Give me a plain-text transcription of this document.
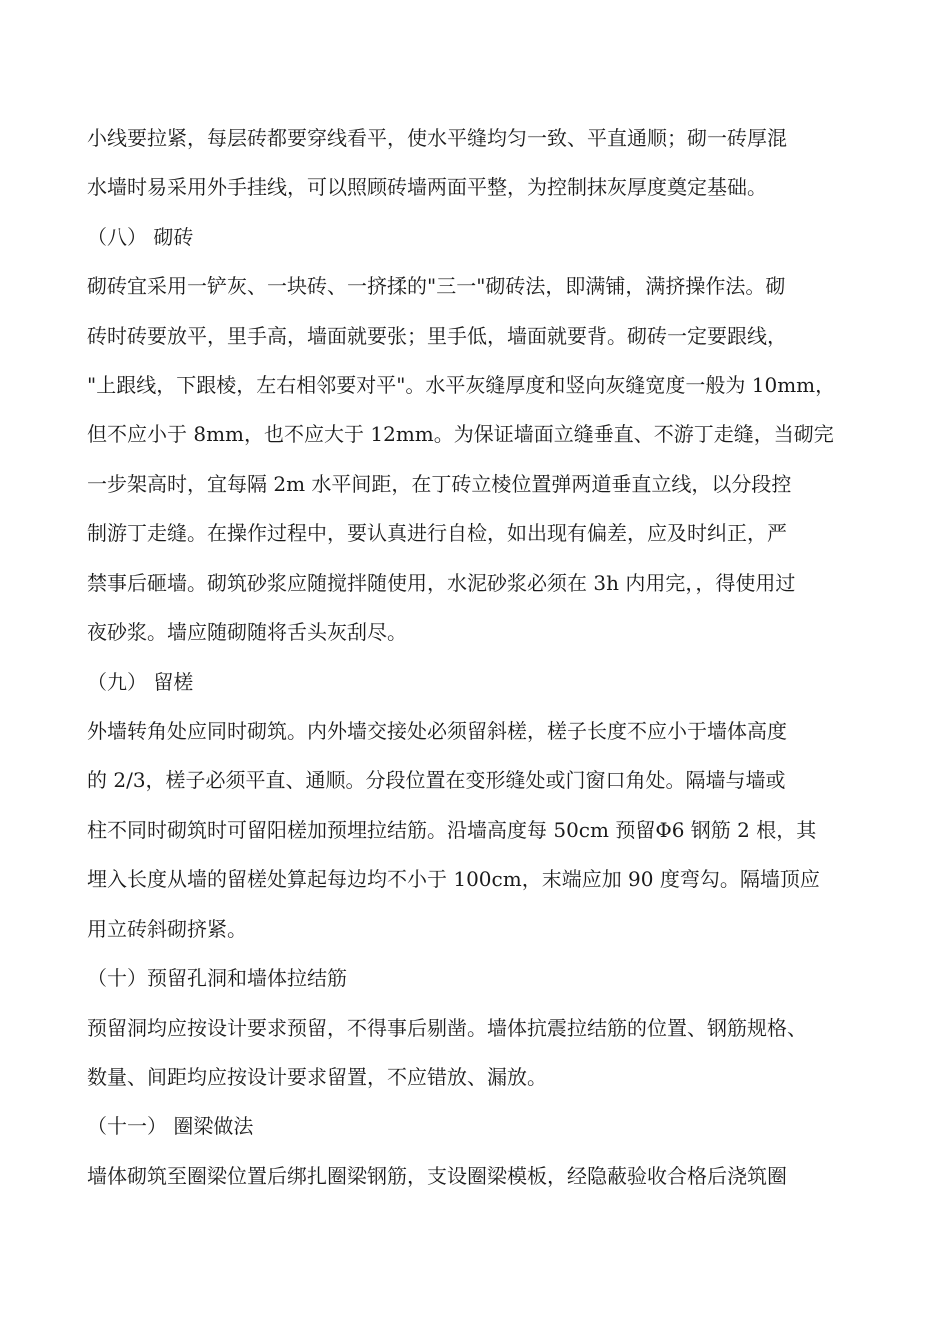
小线要拉紧，每层砖都要穿线看平，使水平缝均匀一致、平直通顺；砌一砖厚混
水墙时易采用外手挂线，可以照顾砖墙两面平整，为控制抹灰厚度奠定基础。
（八） 砌砖
砌砖宜采用一铲灰、一块砖、一挤揉的"三一"砌砖法，即满铺，满挤操作法。砌
砖时砖要放平，里手高，墙面就要张；里手低，墙面就要背。砌砖一定要跟线，
"上跟线，下跟棱，左右相邻要对平"。水平灰缝厚度和竖向灰缝宽度一般为 10mm，
但不应小于 8mm，也不应大于 12mm。为保证墙面立缝垂直、不游丁走缝，当砌完
一步架高时，宜每隔 2m 水平间距，在丁砖立棱位置弹两道垂直立线，以分段控
制游丁走缝。在操作过程中，要认真进行自检，如出现有偏差，应及时纠正，严
禁事后砸墙。砌筑砂浆应随搅拌随使用，水泥砂浆必须在 3h 内用完，，得使用过
夜砂浆。墙应随砌随将舌头灰刮尽。
（九） 留槎
外墙转角处应同时砌筑。内外墙交接处必须留斜槎，槎子长度不应小于墙体高度
的 2/3，槎子必须平直、通顺。分段位置在变形缝处或门窗口角处。隔墙与墙或
柱不同时砌筑时可留阳槎加预埋拉结筋。沿墙高度每 50cm 预留Φ6 钢筋 2 根，其
埋入长度从墙的留槎处算起每边均不小于 100cm，末端应加 90 度弯勾。隔墙顶应
用立砖斜砌挤紧。
（十）预留孔洞和墙体拉结筋
预留洞均应按设计要求预留，不得事后剔凿。墙体抗震拉结筋的位置、钢筋规格、
数量、间距均应按设计要求留置，不应错放、漏放。
（十一） 圈梁做法
墙体砌筑至圈梁位置后绑扎圈梁钢筋，支设圈梁模板，经隐蔽验收合格后浇筑圈
